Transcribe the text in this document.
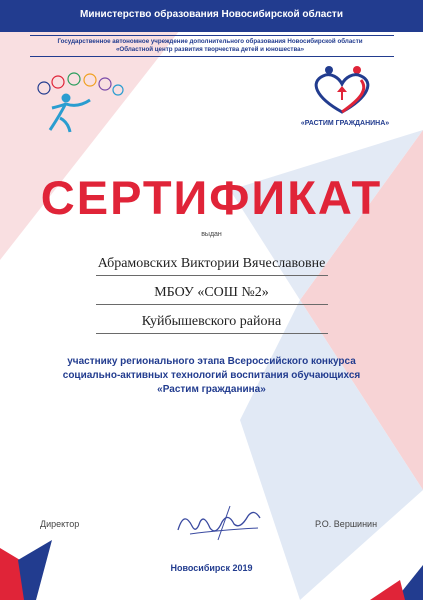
Министерство образования Новосибирской области
Государственное автономное учреждение дополнительного образования Новосибирской области
«Областной центр развития творчества детей и юношества»
«РАСТИМ ГРАЖДАНИНА»
СЕРТИФИКАТ
выдан
Абрамовских Виктории Вячеславовне
МБОУ «СОШ №2»
Куйбышевского района
участнику регионального этапа Всероссийского конкурса
социально-активных технологий воспитания обучающихся
«Растим гражданина»
Директор	Р.О. Вершинин
Новосибирск 2019
